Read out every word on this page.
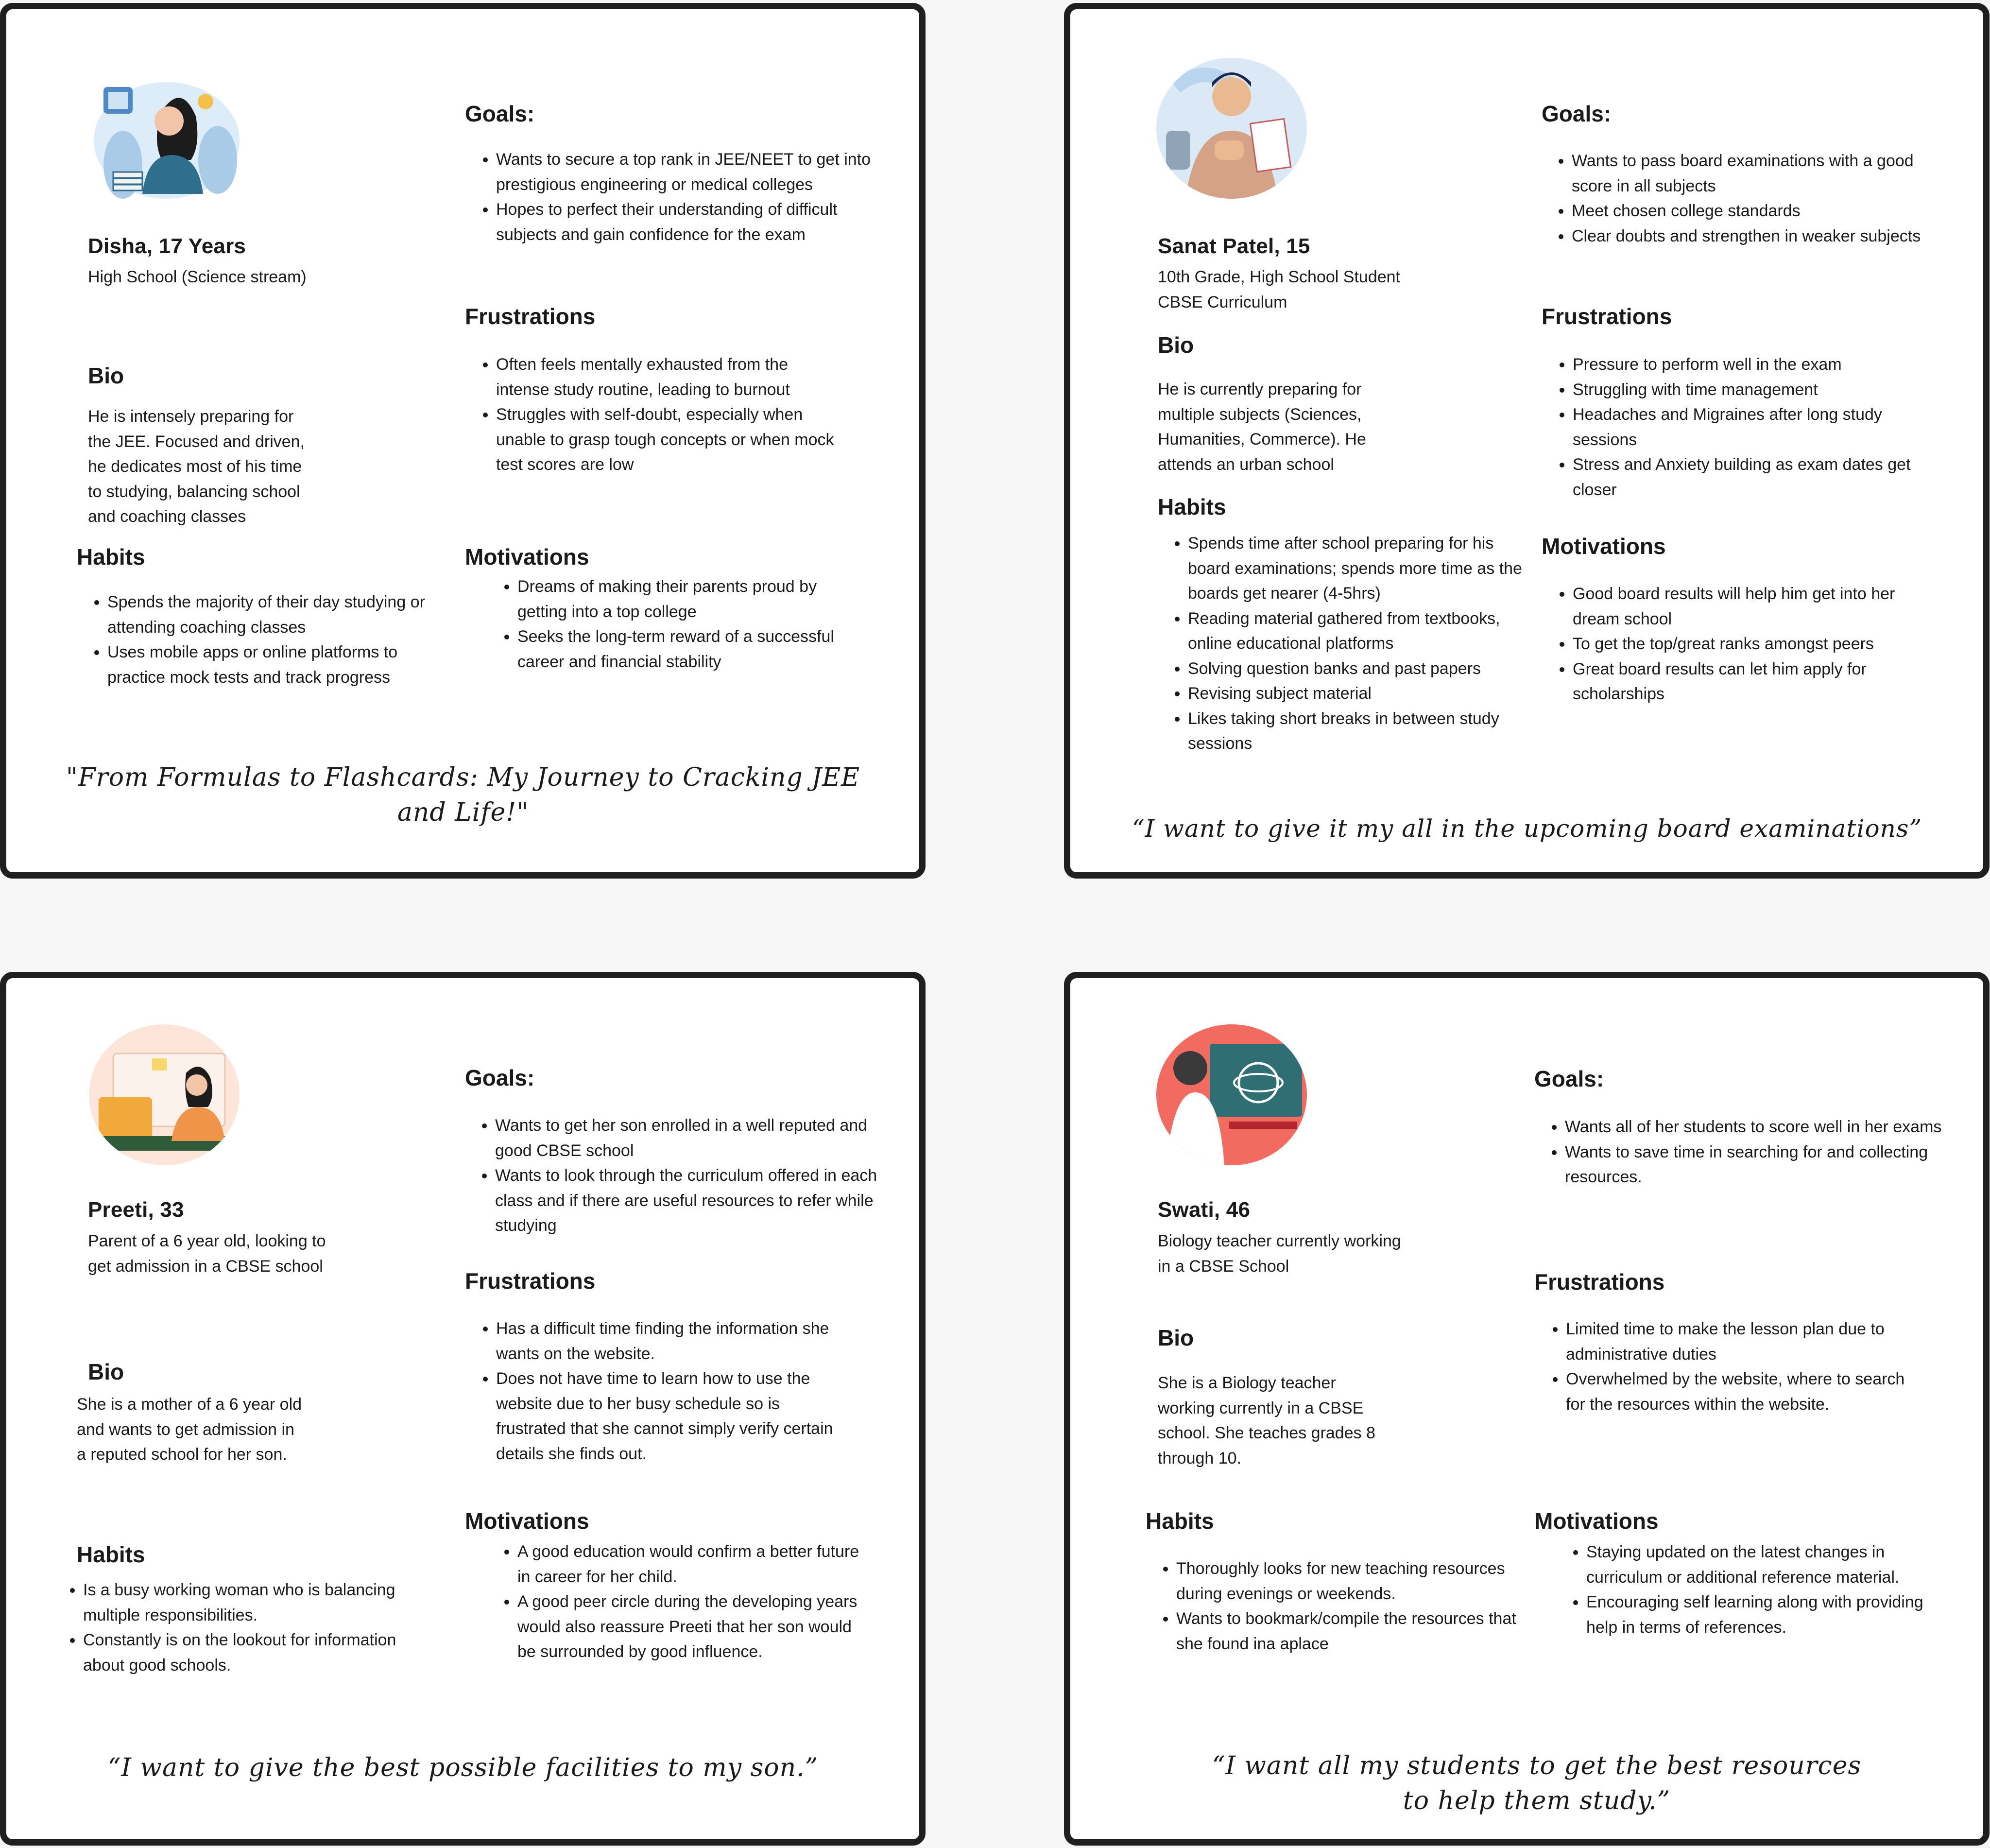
Disha, 17 Years
High School (Science stream)
Bio
He is intensely preparing for
the JEE. Focused and driven,
he dedicates most of his time
to studying, balancing school
and coaching classes
Habits
• Spends the majority of their day studying or attending coaching classes
• Uses mobile apps or online platforms to practice mock tests and track progress
Goals:
• Wants to secure a top rank in JEE/NEET to get into prestigious engineering or medical colleges
• Hopes to perfect their understanding of difficult subjects and gain confidence for the exam
Frustrations
• Often feels mentally exhausted from the intense study routine, leading to burnout
• Struggles with self-doubt, especially when unable to grasp tough concepts or when mock test scores are low
Motivations
• Dreams of making their parents proud by getting into a top college
• Seeks the long-term reward of a successful career and financial stability
"From Formulas to Flashcards: My Journey to Cracking JEE
and Life!"
Sanat Patel, 15
10th Grade, High School Student
CBSE Curriculum
Bio
He is currently preparing for
multiple subjects (Sciences,
Humanities, Commerce). He
attends an urban school
Habits
• Spends time after school preparing for his board examinations; spends more time as the boards get nearer (4-5hrs)
• Reading material gathered from textbooks, online educational platforms
• Solving question banks and past papers
• Revising subject material
• Likes taking short breaks in between study sessions
Goals:
• Wants to pass board examinations with a good score in all subjects
• Meet chosen college standards
• Clear doubts and strengthen in weaker subjects
Frustrations
• Pressure to perform well in the exam
• Struggling with time management
• Headaches and Migraines after long study sessions
• Stress and Anxiety building as exam dates get closer
Motivations
• Good board results will help him get into her dream school
• To get the top/great ranks amongst peers
• Great board results can let him apply for scholarships
“I want to give it my all in the upcoming board examinations”
Preeti, 33
Parent of a 6 year old, looking to
get admission in a CBSE school
Bio
She is a mother of a 6 year old
and wants to get admission in
a reputed school for her son.
Habits
• Is a busy working woman who is balancing multiple responsibilities.
• Constantly is on the lookout for information about good schools.
Goals:
• Wants to get her son enrolled in a well reputed and good CBSE school
• Wants to look through the curriculum offered in each class and if there are useful resources to refer while studying
Frustrations
• Has a difficult time finding the information she wants on the website.
• Does not have time to learn how to use the website due to her busy schedule so is frustrated that she cannot simply verify certain details she finds out.
Motivations
• A good education would confirm a better future in career for her child.
• A good peer circle during the developing years would also reassure Preeti that her son would be surrounded by good influence.
“I want to give the best possible facilities to my son.”
Swati, 46
Biology teacher currently working
in a CBSE School
Bio
She is a Biology teacher
working currently in a CBSE
school. She teaches grades 8
through 10.
Habits
• Thoroughly looks for new teaching resources during evenings or weekends.
• Wants to bookmark/compile the resources that she found ina aplace
Goals:
• Wants all of her students to score well in her exams
• Wants to save time in searching for and collecting resources.
Frustrations
• Limited time to make the lesson plan due to administrative duties
• Overwhelmed by the website, where to search for the resources within the website.
Motivations
• Staying updated on the latest changes in curriculum or additional reference material.
• Encouraging self learning along with providing help in terms of references.
“I want all my students to get the best resources
to help them study.”
